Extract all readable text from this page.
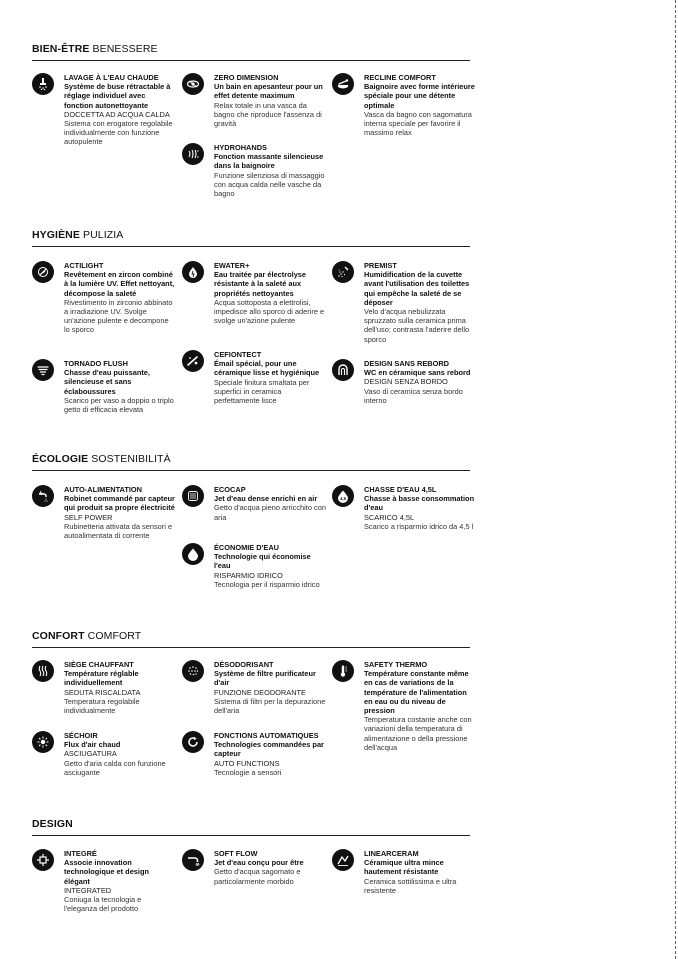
BIEN-ÊTRE BENESSERE
HYGIÈNE PULIZIA
ÉCOLOGIE SOSTENIBILITÀ
CONFORT COMFORT
DESIGN
LAVAGE À L'EAU CHAUDE
Système de buse rétractable à réglage individuel avec fonction autonettoyante
DOCCETTA AD ACQUA CALDA
Sistema con erogatore regolabile individualmente con funzione autopulente
ZERO DIMENSION
Un bain en apesanteur pour un effet detente maximum
Relax totale in una vasca da bagno che riproduce l'assenza di gravità
RECLINE COMFORT
Baignoire avec forme intérieure spéciale pour une détente optimale
Vasca da bagno con sagomatura interna speciale per favorire il massimo relax
HYDROHANDS
Fonction massante silencieuse dans la baignoire
Funzione silenziosa di massaggio con acqua calda nelle vasche da bagno
ACTILIGHT
Revêtement en zircon combiné à la lumière UV. Effet nettoyant, décompose la saleté
Rivestimento in zirconio abbinato a irradiazione UV. Svolge un'azione pulente e decompone lo sporco
EWATER+
Eau traitée par électrolyse résistante à la saleté aux propriétés nettoyantes
Acqua sottoposta a elettrolisi, impedisce allo sporco di aderire e svolge un'azione pulente
PREMIST
Humidification de la cuvette avant l'utilisation des toilettes qui empêche la saleté de se déposer
Velo d'acqua nebulizzata spruzzato sulla ceramica prima dell'uso; contrasta l'aderire dello sporco
TORNADO FLUSH
Chasse d'eau puissante, silencieuse et sans éclaboussures
Scarico per vaso a doppio o triplo getto di efficacia elevata
CEFIONTECT
Émail spécial, pour une céramique lisse et hygiénique
Speciale finitura smaltata per superfici in ceramica perfettamente lisce
DESIGN SANS REBORD
WC en céramique sans rebord
DESIGN SENZA BORDO
Vaso di ceramica senza bordo interno
AUTO-ALIMENTATION
Robinet commandé par capteur qui produit sa propre électricité
SELF POWER
Rubinetteria attivata da sensori e autoalimentata di corrente
ECOCAP
Jet d'eau dense enrichi en air
Getto d'acqua pieno arricchito con aria
4,5
CHASSE D'EAU 4,5L
Chasse à basse consommation d'eau
SCARICO 4,5L
Scarico a risparmio idrico da 4,5 l
ÉCONOMIE D'EAU
Technologie qui économise l'eau
RISPARMIO IDRICO
Tecnologia per il risparmio idrico
SIÈGE CHAUFFANT
Température réglable individuellement
SEDUTA RISCALDATA
Temperatura regolabile individualmente
DÉSODORISANT
Système de filtre purificateur d'air
FUNZIONE DEODORANTE
Sistema di filtri per la depurazione dell'aria
SAFETY THERMO
Température constante même en cas de variations de la température de l'alimentation en eau ou du niveau de pression
Temperatura costante anche con variazioni della temperatura di alimentazione o della pressione dell'acqua
SÉCHOIR
Flux d'air chaud
ASCIUGATURA
Getto d'aria calda con funzione asciugante
FONCTIONS AUTOMATIQUES
Technologies commandées par capteur
AUTO FUNCTIONS
Tecnologie a sensori
INTEGRÉ
Associe innovation technologique et design élégant
INTEGRATED
Coniuga la tecnologia e l'eleganza del prodotto
SOFT FLOW
Jet d'eau conçu pour être
Getto d'acqua sagomato e particolarmente morbido
LINEARCERAM
Céramique ultra mince hautement résistante
Ceramica sottilissima e ultra resistente
